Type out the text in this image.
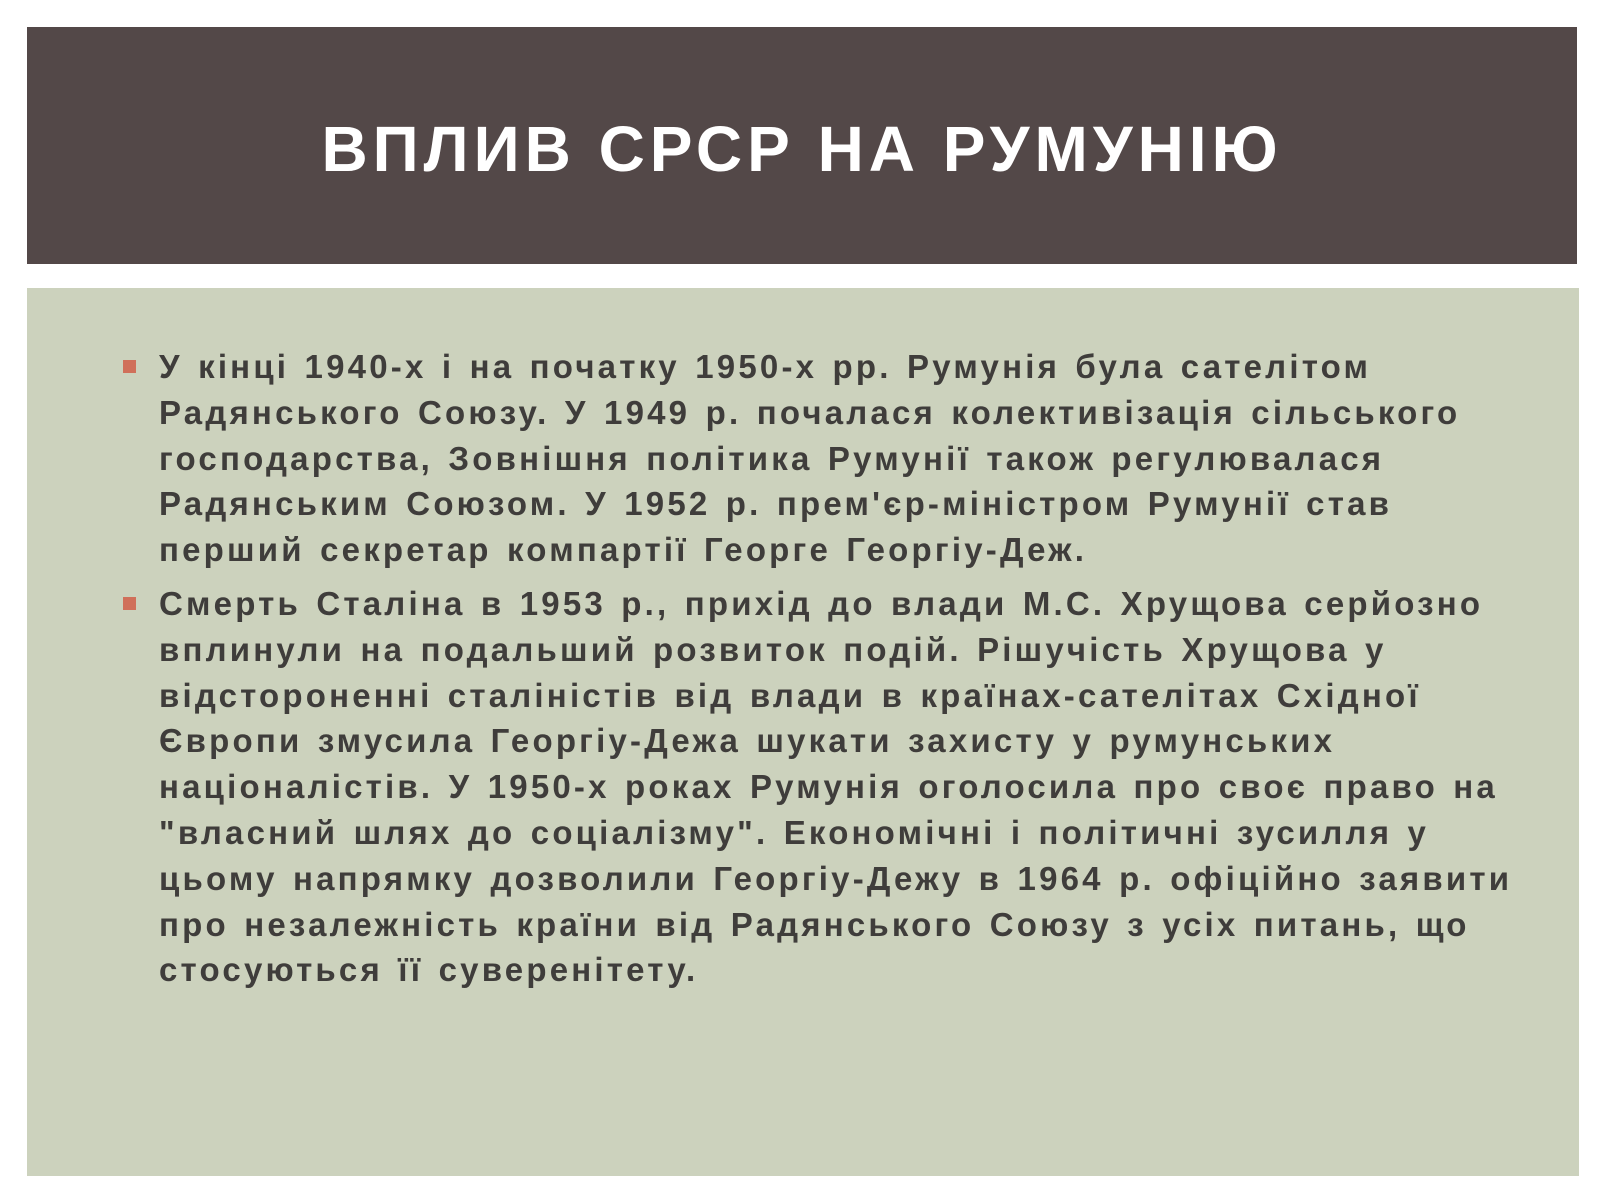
ВПЛИВ СРСР НА РУМУНІЮ
У кінці 1940-х і на початку 1950-х рр. Румунія була сателітом Радянського Союзу. У 1949 р. почалася колективізація сільського господарства, Зовнішня політика Румунії також регулювалася Радянським Союзом. У 1952 р. прем'єр-міністром Румунії став перший секретар компартії Георге Георгіу-Деж.
Смерть Сталіна в 1953 р., прихід до влади М.С. Хрущова серйозно вплинули на подальший розвиток подій. Рішучість Хрущова у відстороненні сталіністів від влади в країнах-сателітах Східної Європи змусила Георгіу-Дежа шукати захисту у румунських націоналістів. У 1950-х роках Румунія оголосила про своє право на "власний шлях до соціалізму". Економічні і політичні зусилля у цьому напрямку дозволили Георгіу-Дежу в 1964 р. офіційно заявити про незалежність країни від Радянського Союзу з усіх питань, що стосуються її суверенітету.
